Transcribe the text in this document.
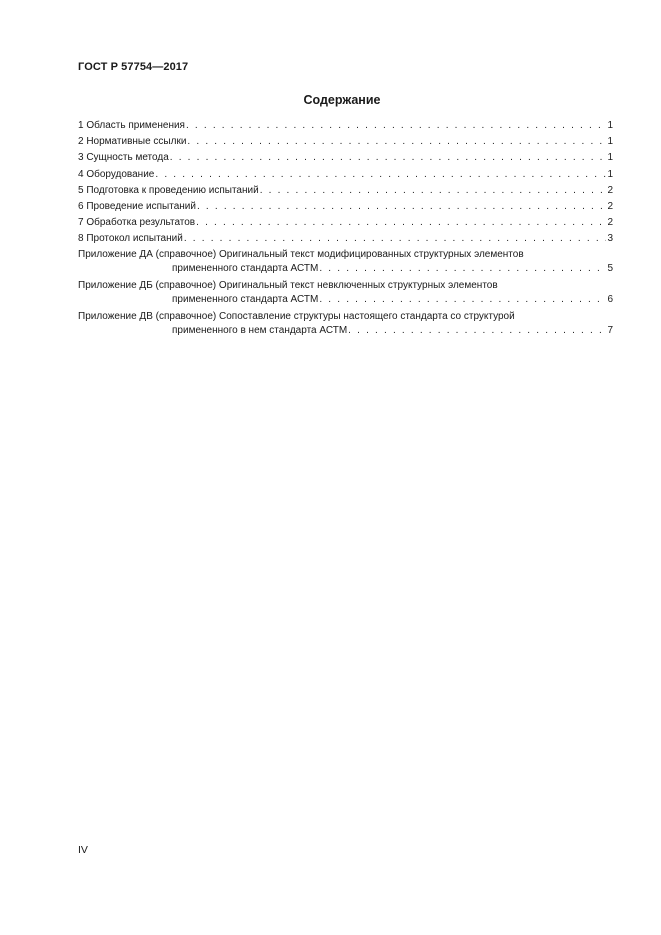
ГОСТ Р 57754—2017
Содержание
1 Область применения . . .	1
2 Нормативные ссылки . . .	1
3 Сущность метода . . .	1
4 Оборудование . . .	1
5 Подготовка к проведению испытаний . . .	2
6 Проведение испытаний . . .	2
7 Обработка результатов . . .	2
8 Протокол испытаний . . .	3
Приложение ДА (справочное) Оригинальный текст модифицированных структурных элементов
примененного стандарта АСТМ . . .	5
Приложение ДБ (справочное) Оригинальный текст невключенных структурных элементов
примененного стандарта АСТМ . . .	6
Приложение ДВ (справочное) Сопоставление структуры настоящего стандарта со структурой
примененного в нем стандарта АСТМ . . .	7
IV
